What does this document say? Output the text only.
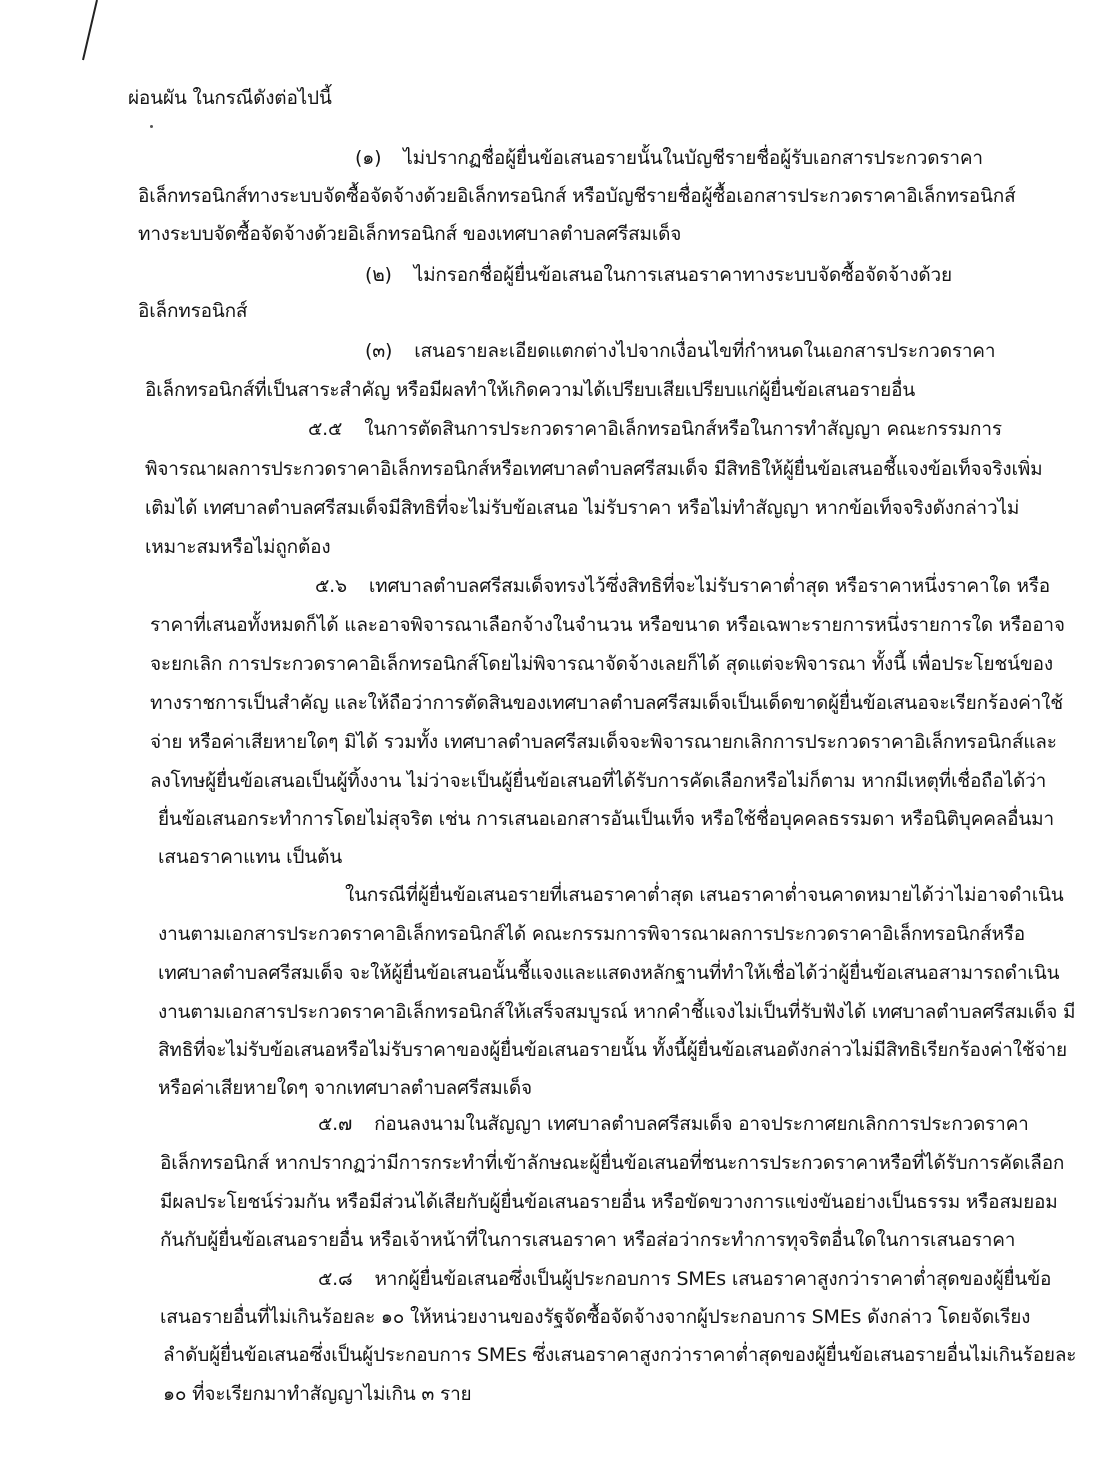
ผ่อนผัน ในกรณีดังต่อไปนี้
(๑) ไม่ปรากฏชื่อผู้ยื่นข้อเสนอรายนั้นในบัญชีรายชื่อผู้รับเอกสารประกวดราคา
อิเล็กทรอนิกส์ทางระบบจัดซื้อจัดจ้างด้วยอิเล็กทรอนิกส์ หรือบัญชีรายชื่อผู้ซื้อเอกสารประกวดราคาอิเล็กทรอนิกส์
ทางระบบจัดซื้อจัดจ้างด้วยอิเล็กทรอนิกส์ ของเทศบาลตำบลศรีสมเด็จ
(๒) ไม่กรอกชื่อผู้ยื่นข้อเสนอในการเสนอราคาทางระบบจัดซื้อจัดจ้างด้วย
อิเล็กทรอนิกส์
(๓) เสนอรายละเอียดแตกต่างไปจากเงื่อนไขที่กำหนดในเอกสารประกวดราคา
อิเล็กทรอนิกส์ที่เป็นสาระสำคัญ หรือมีผลทำให้เกิดความได้เปรียบเสียเปรียบแก่ผู้ยื่นข้อเสนอรายอื่น
๕.๕ ในการตัดสินการประกวดราคาอิเล็กทรอนิกส์หรือในการทำสัญญา คณะกรรมการ
พิจารณาผลการประกวดราคาอิเล็กทรอนิกส์หรือเทศบาลตำบลศรีสมเด็จ มีสิทธิให้ผู้ยื่นข้อเสนอชี้แจงข้อเท็จจริงเพิ่ม
เติมได้ เทศบาลตำบลศรีสมเด็จมีสิทธิที่จะไม่รับข้อเสนอ ไม่รับราคา หรือไม่ทำสัญญา หากข้อเท็จจริงดังกล่าวไม่
เหมาะสมหรือไม่ถูกต้อง
๕.๖ เทศบาลตำบลศรีสมเด็จทรงไว้ซึ่งสิทธิที่จะไม่รับราคาต่ำสุด หรือราคาหนึ่งราคาใด หรือ
ราคาที่เสนอทั้งหมดก็ได้ และอาจพิจารณาเลือกจ้างในจำนวน หรือขนาด หรือเฉพาะรายการหนึ่งรายการใด หรืออาจ
จะยกเลิก การประกวดราคาอิเล็กทรอนิกส์โดยไม่พิจารณาจัดจ้างเลยก็ได้ สุดแต่จะพิจารณา ทั้งนี้ เพื่อประโยชน์ของ
ทางราชการเป็นสำคัญ และให้ถือว่าการตัดสินของเทศบาลตำบลศรีสมเด็จเป็นเด็ดขาดผู้ยื่นข้อเสนอจะเรียกร้องค่าใช้
จ่าย หรือค่าเสียหายใดๆ มิได้ รวมทั้ง เทศบาลตำบลศรีสมเด็จจะพิจารณายกเลิกการประกวดราคาอิเล็กทรอนิกส์และ
ลงโทษผู้ยื่นข้อเสนอเป็นผู้ทิ้งงาน ไม่ว่าจะเป็นผู้ยื่นข้อเสนอที่ได้รับการคัดเลือกหรือไม่ก็ตาม หากมีเหตุที่เชื่อถือได้ว่า
ยื่นข้อเสนอกระทำการโดยไม่สุจริต เช่น การเสนอเอกสารอันเป็นเท็จ หรือใช้ชื่อบุคคลธรรมดา หรือนิติบุคคลอื่นมา
เสนอราคาแทน เป็นต้น
ในกรณีที่ผู้ยื่นข้อเสนอรายที่เสนอราคาต่ำสุด เสนอราคาต่ำจนคาดหมายได้ว่าไม่อาจดำเนิน
งานตามเอกสารประกวดราคาอิเล็กทรอนิกส์ได้ คณะกรรมการพิจารณาผลการประกวดราคาอิเล็กทรอนิกส์หรือ
เทศบาลตำบลศรีสมเด็จ จะให้ผู้ยื่นข้อเสนอนั้นชี้แจงและแสดงหลักฐานที่ทำให้เชื่อได้ว่าผู้ยื่นข้อเสนอสามารถดำเนิน
งานตามเอกสารประกวดราคาอิเล็กทรอนิกส์ให้เสร็จสมบูรณ์ หากคำชี้แจงไม่เป็นที่รับฟังได้ เทศบาลตำบลศรีสมเด็จ มี
สิทธิที่จะไม่รับข้อเสนอหรือไม่รับราคาของผู้ยื่นข้อเสนอรายนั้น ทั้งนี้ผู้ยื่นข้อเสนอดังกล่าวไม่มีสิทธิเรียกร้องค่าใช้จ่าย
หรือค่าเสียหายใดๆ จากเทศบาลตำบลศรีสมเด็จ
๕.๗ ก่อนลงนามในสัญญา เทศบาลตำบลศรีสมเด็จ อาจประกาศยกเลิกการประกวดราคา
อิเล็กทรอนิกส์ หากปรากฏว่ามีการกระทำที่เข้าลักษณะผู้ยื่นข้อเสนอที่ชนะการประกวดราคาหรือที่ได้รับการคัดเลือก
มีผลประโยชน์ร่วมกัน หรือมีส่วนได้เสียกับผู้ยื่นข้อเสนอรายอื่น หรือขัดขวางการแข่งขันอย่างเป็นธรรม หรือสมยอม
กันกับผู้ยื่นข้อเสนอรายอื่น หรือเจ้าหน้าที่ในการเสนอราคา หรือส่อว่ากระทำการทุจริตอื่นใดในการเสนอราคา
๕.๘ หากผู้ยื่นข้อเสนอซึ่งเป็นผู้ประกอบการ SMEs เสนอราคาสูงกว่าราคาต่ำสุดของผู้ยื่นข้อ
เสนอรายอื่นที่ไม่เกินร้อยละ ๑๐ ให้หน่วยงานของรัฐจัดซื้อจัดจ้างจากผู้ประกอบการ SMEs ดังกล่าว โดยจัดเรียง
ลำดับผู้ยื่นข้อเสนอซึ่งเป็นผู้ประกอบการ SMEs ซึ่งเสนอราคาสูงกว่าราคาต่ำสุดของผู้ยื่นข้อเสนอรายอื่นไม่เกินร้อยละ
๑๐ ที่จะเรียกมาทำสัญญาไม่เกิน ๓ ราย
